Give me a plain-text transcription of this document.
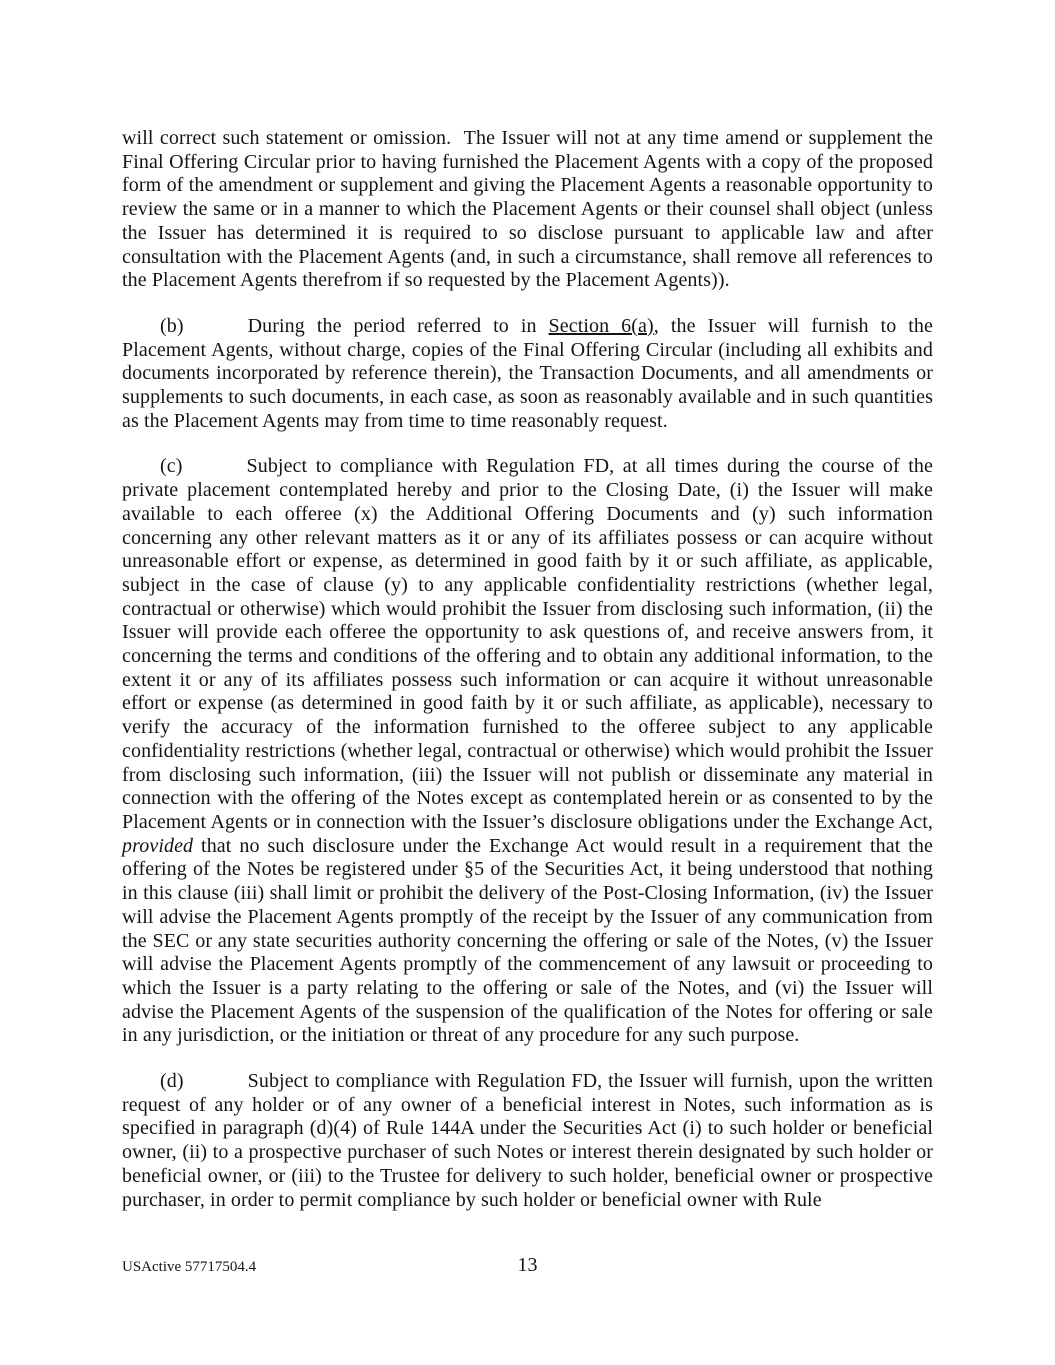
will correct such statement or omission.  The Issuer will not at any time amend or supplement the Final Offering Circular prior to having furnished the Placement Agents with a copy of the proposed form of the amendment or supplement and giving the Placement Agents a reasonable opportunity to review the same or in a manner to which the Placement Agents or their counsel shall object (unless the Issuer has determined it is required to so disclose pursuant to applicable law and after consultation with the Placement Agents (and, in such a circumstance, shall remove all references to the Placement Agents therefrom if so requested by the Placement Agents)).

(b)	During the period referred to in Section 6(a), the Issuer will furnish to the Placement Agents, without charge, copies of the Final Offering Circular (including all exhibits and documents incorporated by reference therein), the Transaction Documents, and all amendments or supplements to such documents, in each case, as soon as reasonably available and in such quantities as the Placement Agents may from time to time reasonably request.

(c)	Subject to compliance with Regulation FD, at all times during the course of the private placement contemplated hereby and prior to the Closing Date, (i) the Issuer will make available to each offeree (x) the Additional Offering Documents and (y) such information concerning any other relevant matters as it or any of its affiliates possess or can acquire without unreasonable effort or expense, as determined in good faith by it or such affiliate, as applicable, subject in the case of clause (y) to any applicable confidentiality restrictions (whether legal, contractual or otherwise) which would prohibit the Issuer from disclosing such information, (ii) the Issuer will provide each offeree the opportunity to ask questions of, and receive answers from, it concerning the terms and conditions of the offering and to obtain any additional information, to the extent it or any of its affiliates possess such information or can acquire it without unreasonable effort or expense (as determined in good faith by it or such affiliate, as applicable), necessary to verify the accuracy of the information furnished to the offeree subject to any applicable confidentiality restrictions (whether legal, contractual or otherwise) which would prohibit the Issuer from disclosing such information, (iii) the Issuer will not publish or disseminate any material in connection with the offering of the Notes except as contemplated herein or as consented to by the Placement Agents or in connection with the Issuer’s disclosure obligations under the Exchange Act, provided that no such disclosure under the Exchange Act would result in a requirement that the offering of the Notes be registered under §5 of the Securities Act, it being understood that nothing in this clause (iii) shall limit or prohibit the delivery of the Post-Closing Information, (iv) the Issuer will advise the Placement Agents promptly of the receipt by the Issuer of any communication from the SEC or any state securities authority concerning the offering or sale of the Notes, (v) the Issuer will advise the Placement Agents promptly of the commencement of any lawsuit or proceeding to which the Issuer is a party relating to the offering or sale of the Notes, and (vi) the Issuer will advise the Placement Agents of the suspension of the qualification of the Notes for offering or sale in any jurisdiction, or the initiation or threat of any procedure for any such purpose.

(d)	Subject to compliance with Regulation FD, the Issuer will furnish, upon the written request of any holder or of any owner of a beneficial interest in Notes, such information as is specified in paragraph (d)(4) of Rule 144A under the Securities Act (i) to such holder or beneficial owner, (ii) to a prospective purchaser of such Notes or interest therein designated by such holder or beneficial owner, or (iii) to the Trustee for delivery to such holder, beneficial owner or prospective purchaser, in order to permit compliance by such holder or beneficial owner with Rule

13
USActive 57717504.4
